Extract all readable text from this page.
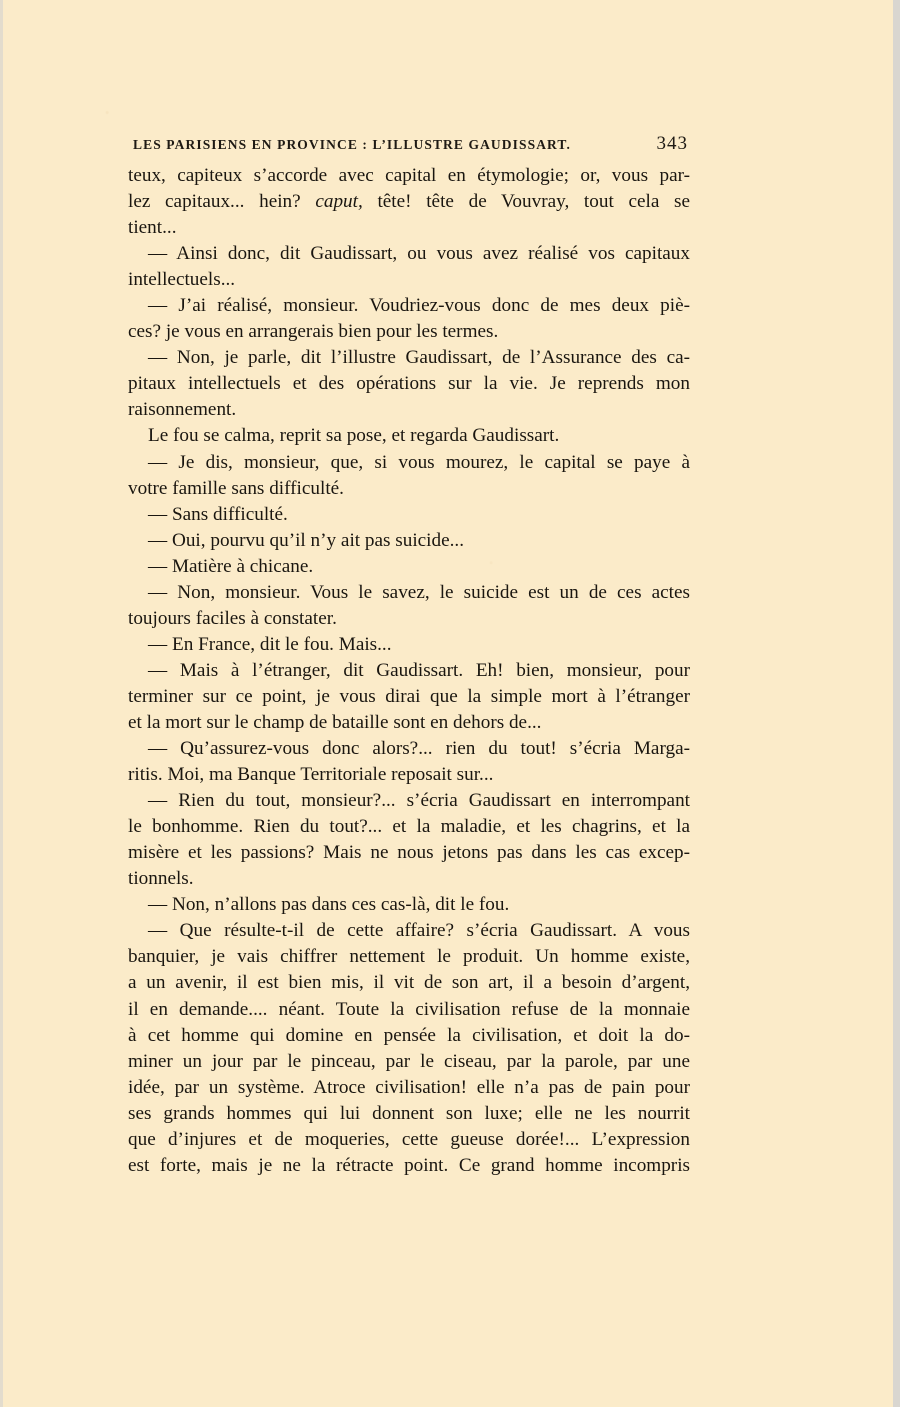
LES PARISIENS EN PROVINCE : L’ILLUSTRE GAUDISSART.	343
teux, capiteux s’accorde avec capital en étymologie; or, vous par-
lez capitaux... hein? caput, tête! tête de Vouvray, tout cela se
tient...
— Ainsi donc, dit Gaudissart, ou vous avez réalisé vos capitaux
intellectuels...
— J’ai réalisé, monsieur. Voudriez-vous donc de mes deux piè-
ces? je vous en arrangerais bien pour les termes.
— Non, je parle, dit l’illustre Gaudissart, de l’Assurance des ca-
pitaux intellectuels et des opérations sur la vie. Je reprends mon
raisonnement.
Le fou se calma, reprit sa pose, et regarda Gaudissart.
— Je dis, monsieur, que, si vous mourez, le capital se paye à
votre famille sans difficulté.
— Sans difficulté.
— Oui, pourvu qu’il n’y ait pas suicide...
— Matière à chicane.
— Non, monsieur. Vous le savez, le suicide est un de ces actes
toujours faciles à constater.
— En France, dit le fou. Mais...
— Mais à l’étranger, dit Gaudissart. Eh! bien, monsieur, pour
terminer sur ce point, je vous dirai que la simple mort à l’étranger
et la mort sur le champ de bataille sont en dehors de...
— Qu’assurez-vous donc alors?... rien du tout! s’écria Marga-
ritis. Moi, ma Banque Territoriale reposait sur...
— Rien du tout, monsieur?... s’écria Gaudissart en interrompant
le bonhomme. Rien du tout?... et la maladie, et les chagrins, et la
misère et les passions? Mais ne nous jetons pas dans les cas excep-
tionnels.
— Non, n’allons pas dans ces cas-là, dit le fou.
— Que résulte-t-il de cette affaire? s’écria Gaudissart. A vous
banquier, je vais chiffrer nettement le produit. Un homme existe,
a un avenir, il est bien mis, il vit de son art, il a besoin d’argent,
il en demande.... néant. Toute la civilisation refuse de la monnaie
à cet homme qui domine en pensée la civilisation, et doit la do-
miner un jour par le pinceau, par le ciseau, par la parole, par une
idée, par un système. Atroce civilisation! elle n’a pas de pain pour
ses grands hommes qui lui donnent son luxe; elle ne les nourrit
que d’injures et de moqueries, cette gueuse dorée!... L’expression
est forte, mais je ne la rétracte point. Ce grand homme incompris
